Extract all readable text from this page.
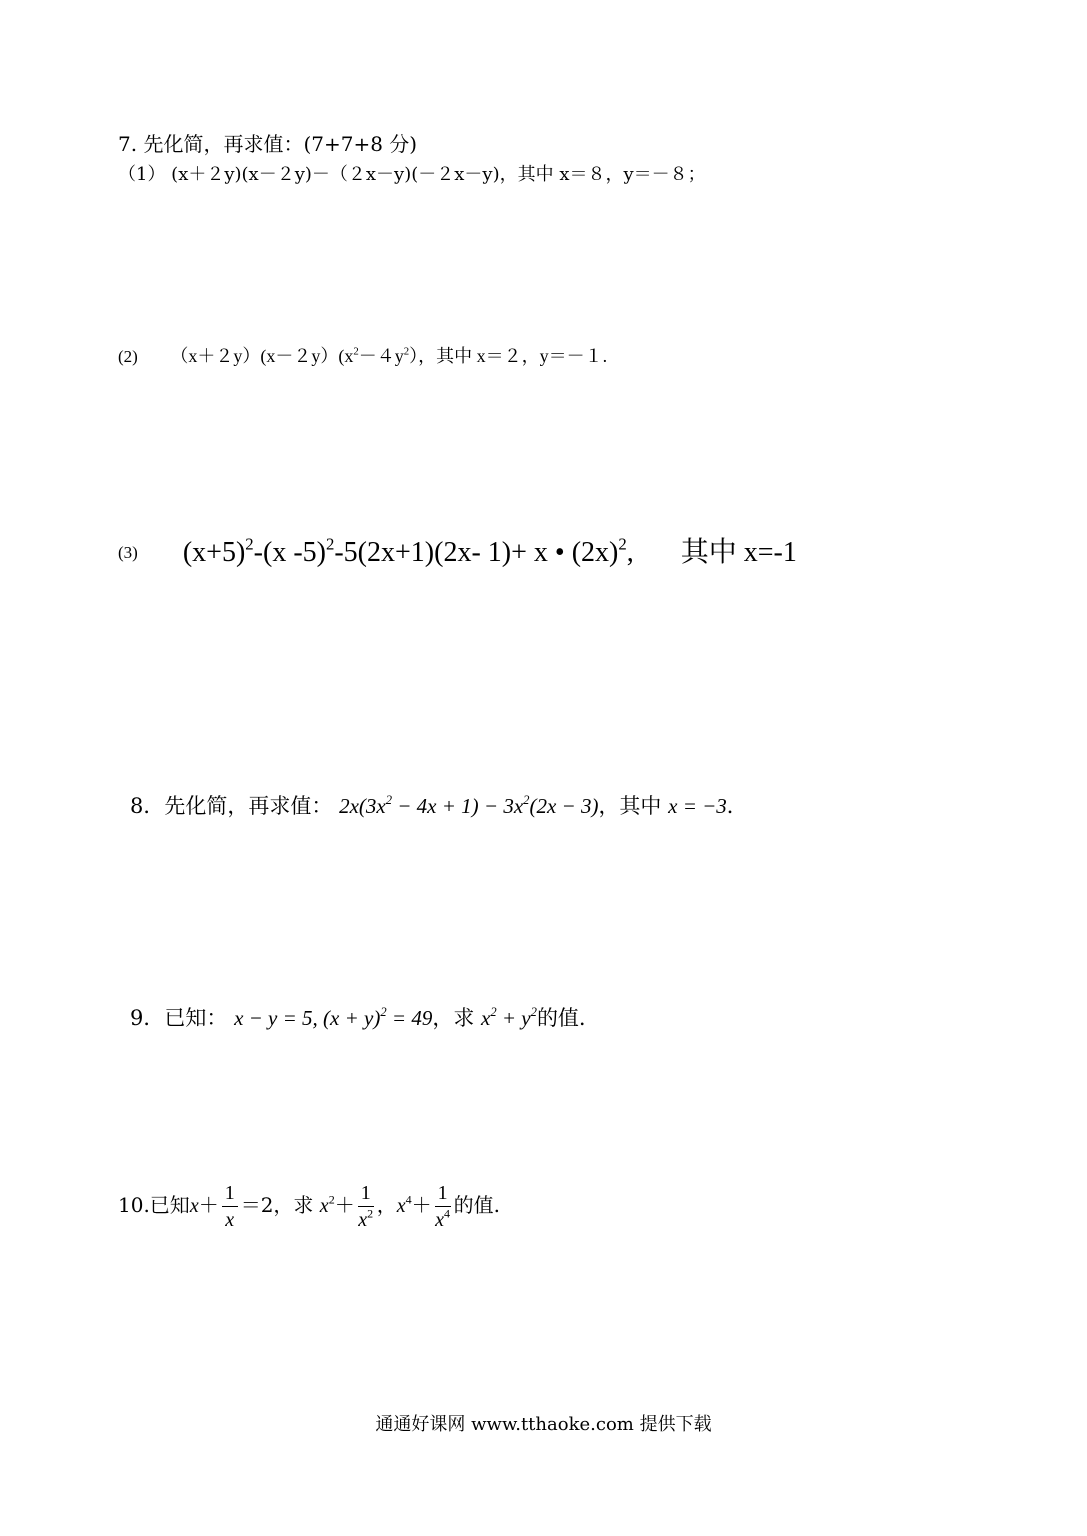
7. 先化简，再求值：(7+7+8 分)
（1） (x＋２y)(x－２y)－（２x－y)(－２x－y)，其中 x＝８，y＝－８；
(2) $(x+2y)(x-2y)(x^2-4y^2)$，其中 x＝２，y＝－１.
(3) $(x+5)^2-(x$ -5)$^2$-5(2x+1)(2x- 1)+ x • $(2x)^2$, 其中 x=-1
8．先化简，再求值： $2x(3x^2 - 4x + 1) - 3x^2(2x - 3)$，其中 x = −3．
9．已知： x − y = 5, $(x + y)^2 = 49$，求 $x^2 + y^2$的值.
10.已知$x+ \frac{1}{x} =2$，求 $x^2+ \frac{1}{x^2}$ ，$x^4+ \frac{1}{x^4}$ 的值.
通通好课网 www.tthaoke.com 提供下载
